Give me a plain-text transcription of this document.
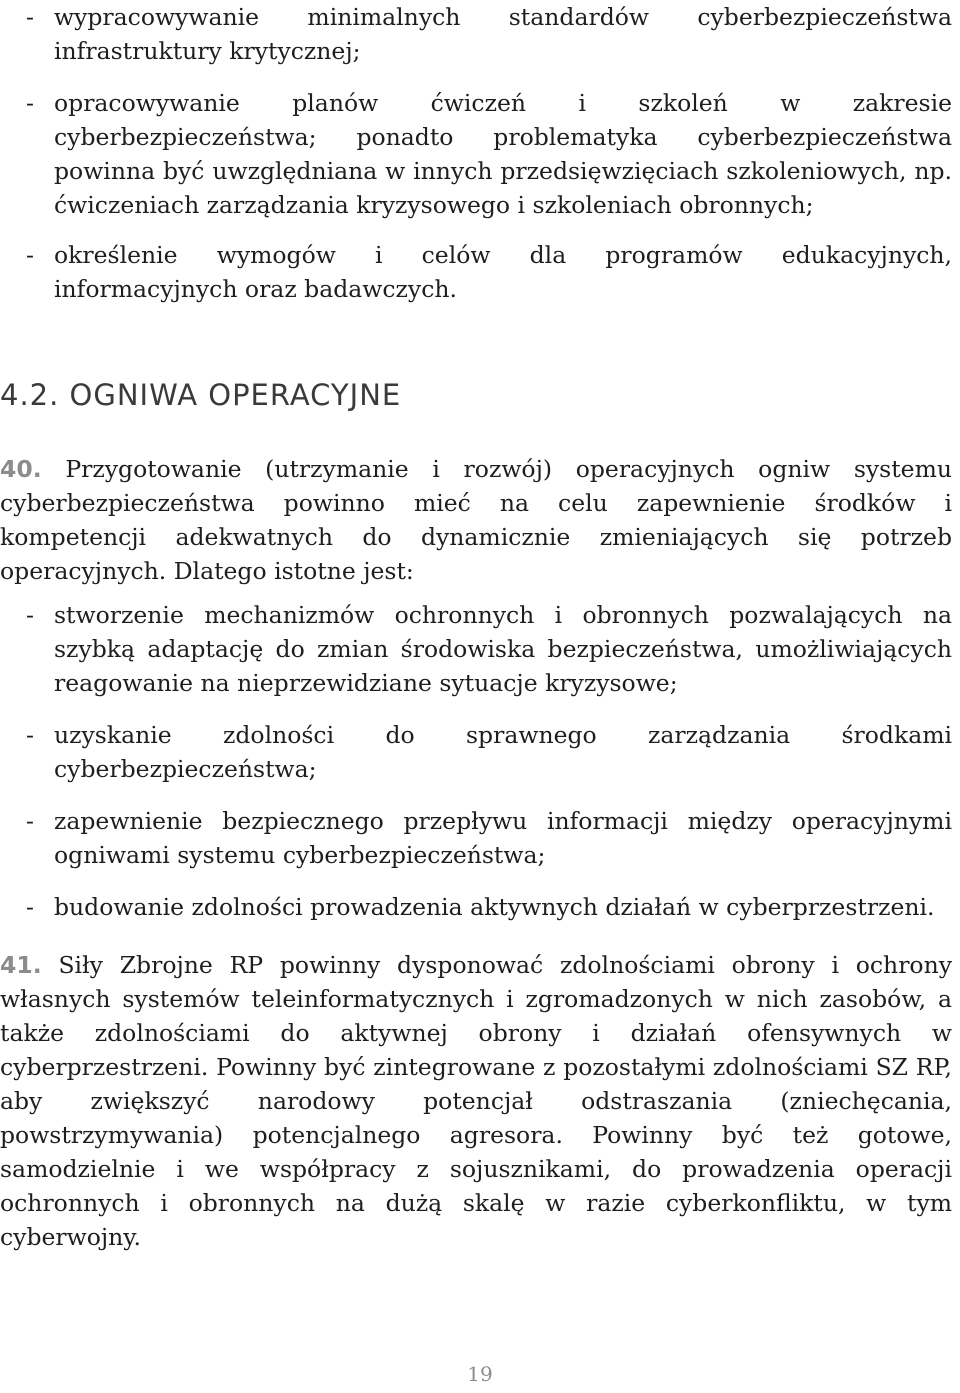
- wypracowywanie minimalnych standardów cyberbezpieczeństwa infrastruktury krytycznej;
- opracowywanie planów ćwiczeń i szkoleń w zakresie cyberbezpieczeństwa; ponadto problematyka cyberbezpieczeństwa powinna być uwzględniana w innych przedsięwzięciach szkoleniowych, np. ćwiczeniach zarządzania kryzysowego i szkoleniach obronnych;
- określenie wymogów i celów dla programów edukacyjnych, informacyjnych oraz badawczych.
4.2. OGNIWA OPERACYJNE

40. Przygotowanie (utrzymanie i rozwój) operacyjnych ogniw systemu cyberbezpieczeństwa powinno mieć na celu zapewnienie środków i kompetencji adekwatnych do dynamicznie zmieniających się potrzeb operacyjnych. Dlatego istotne jest:

- stworzenie mechanizmów ochronnych i obronnych pozwalających na szybką adaptację do zmian środowiska bezpieczeństwa, umożliwiających reagowanie na nieprzewidziane sytuacje kryzysowe;
- uzyskanie zdolności do sprawnego zarządzania środkami cyberbezpieczeństwa;
- zapewnienie bezpiecznego przepływu informacji między operacyjnymi ogniwami systemu cyberbezpieczeństwa;
- budowanie zdolności prowadzenia aktywnych działań w cyberprzestrzeni.

41. Siły Zbrojne RP powinny dysponować zdolnościami obrony i ochrony własnych systemów teleinformatycznych i zgromadzonych w nich zasobów, a także zdolnościami do aktywnej obrony i działań ofensywnych w cyberprzestrzeni. Powinny być zintegrowane z pozostałymi zdolnościami SZ RP, aby zwiększyć narodowy potencjał odstraszania (zniechęcania, powstrzymywania) potencjalnego agresora. Powinny być też gotowe, samodzielnie i we współpracy z sojusznikami, do prowadzenia operacji ochronnych i obronnych na dużą skalę w razie cyberkonfliktu, w tym cyberwojny.

19
